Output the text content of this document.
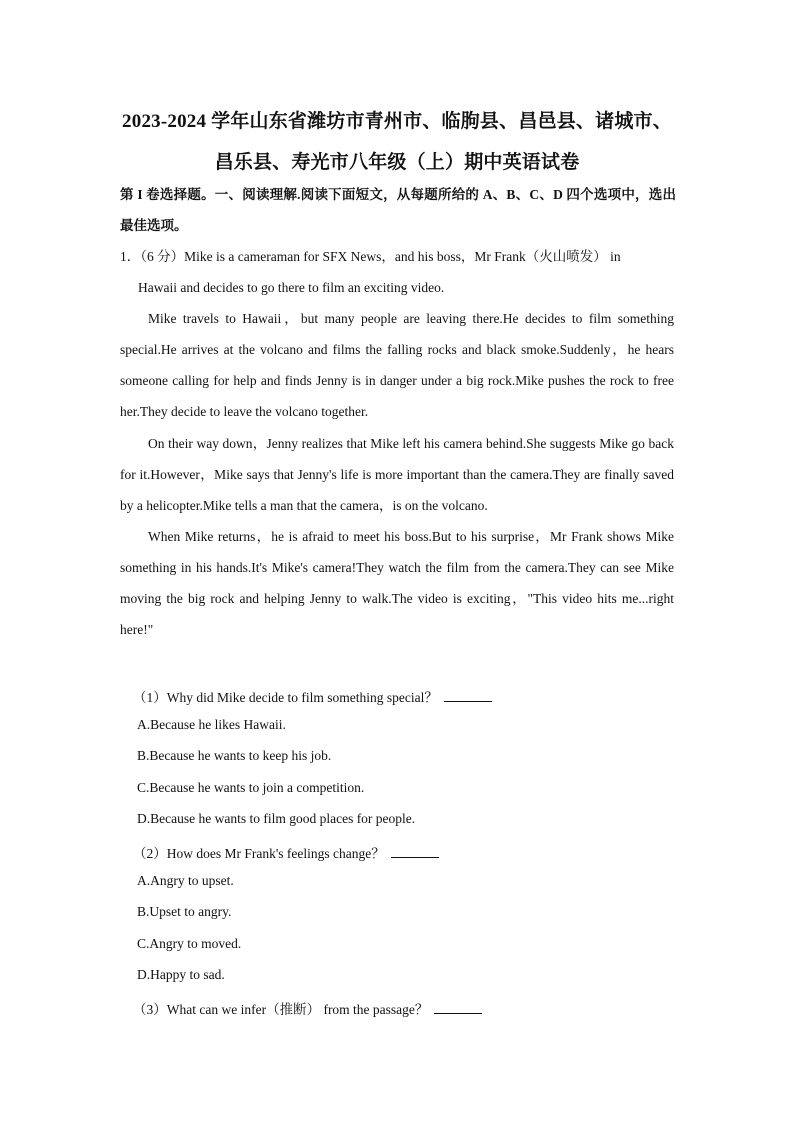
2023-2024 学年山东省潍坊市青州市、临朐县、昌邑县、诸城市、
昌乐县、寿光市八年级（上）期中英语试卷
第 I 卷选择题。一、阅读理解.阅读下面短文，从每题所给的 A、B、C、D 四个选项中，选出最佳选项。
1．（6 分）Mike is a cameraman for SFX News，and his boss，Mr Frank（火山喷发） in
Hawaii and decides to go there to film an exciting video.
Mike travels to Hawaii，but many people are leaving there.He decides to film something special.He arrives at the volcano and films the falling rocks and black smoke.Suddenly，he hears someone calling for help and finds Jenny is in danger under a big rock.Mike pushes the rock to free her.They decide to leave the volcano together.
On their way down，Jenny realizes that Mike left his camera behind.She suggests Mike go back for it.However，Mike says that Jenny's life is more important than the camera.They are finally saved by a helicopter.Mike tells a man that the camera，is on the volcano.
When Mike returns，he is afraid to meet his boss.But to his surprise，Mr Frank shows Mike something in his hands.It's Mike's camera!They watch the film from the camera.They can see Mike moving the big rock and helping Jenny to walk.The video is exciting，"This video hits me...right here!"
（1）Why did Mike decide to film something special？
A.Because he likes Hawaii.
B.Because he wants to keep his job.
C.Because he wants to join a competition.
D.Because he wants to film good places for people.
（2）How does Mr Frank's feelings change？
A.Angry to upset.
B.Upset to angry.
C.Angry to moved.
D.Happy to sad.
（3）What can we infer（推断） from the passage？
